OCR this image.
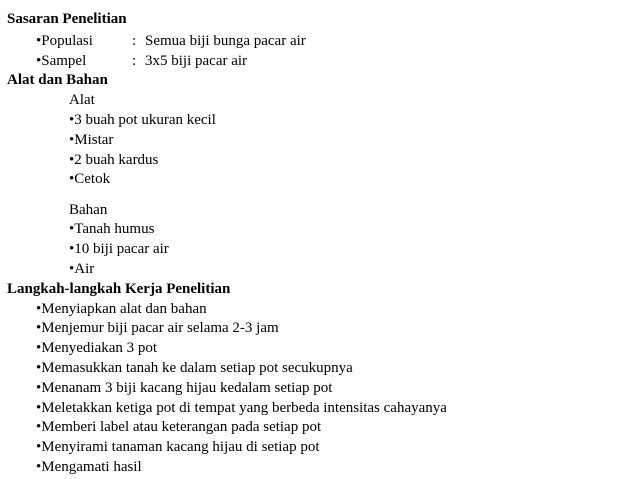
Sasaran Penelitian
•Populasi	: Semua biji bunga pacar air
•Sampel	: 3x5 biji pacar air
Alat dan Bahan
Alat
•3 buah pot ukuran kecil
•Mistar
•2 buah kardus
•Cetok
Bahan
•Tanah humus
•10 biji pacar air
•Air
Langkah-langkah Kerja Penelitian
•Menyiapkan alat dan bahan
•Menjemur biji pacar air selama 2-3 jam
•Menyediakan 3 pot
•Memasukkan tanah ke dalam setiap pot secukupnya
•Menanam 3 biji kacang hijau kedalam setiap pot
•Meletakkan ketiga pot di tempat yang berbeda intensitas cahayanya
•Memberi label atau keterangan pada setiap pot
•Menyirami tanaman kacang hijau di setiap pot
•Mengamati hasil
